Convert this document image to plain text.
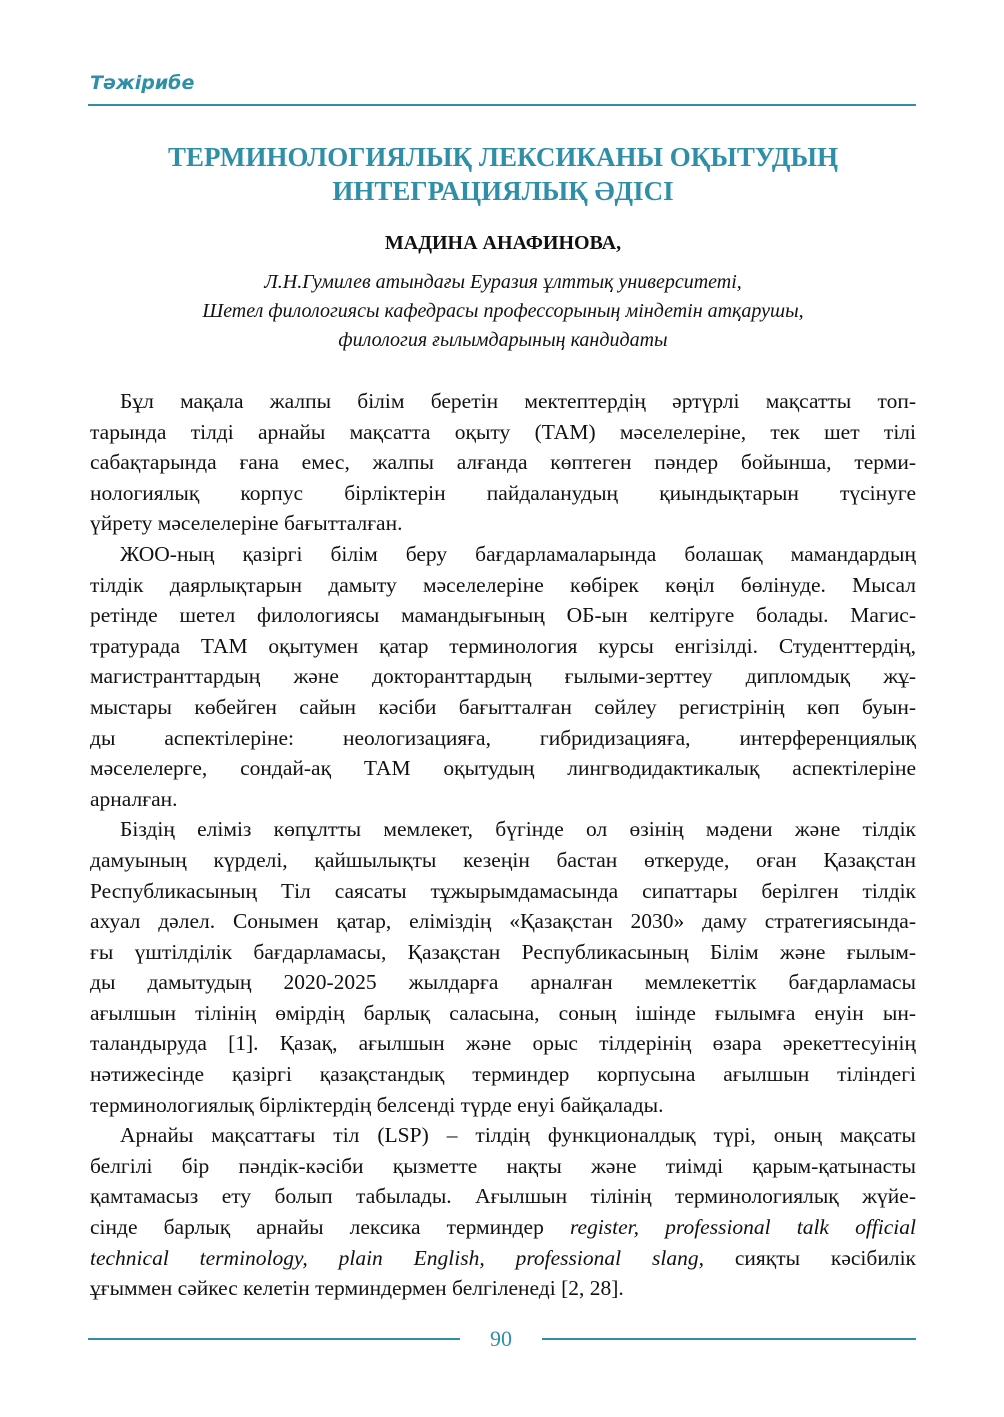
Тәжірибе
ТЕРМИНОЛОГИЯЛЫҚ ЛЕКСИКАНЫ ОҚЫТУДЫҢ
ИНТЕГРАЦИЯЛЫҚ ӘДІСІ
МАДИНА АНАФИНОВА,
Л.Н.Гумилев атындағы Еуразия ұлттық университеті,
Шетел филологиясы кафедрасы профессорының міндетін атқарушы,
филология ғылымдарының кандидаты
Бұл мақала жалпы білім беретін мектептердің әртүрлі мақсатты топ-
тарында тілді арнайы мақсатта оқыту (ТАМ) мәселелеріне, тек шет тілі
сабақтарында ғана емес, жалпы алғанда көптеген пәндер бойынша, терми-
нологиялық корпус бірліктерін пайдаланудың қиындықтарын түсінуге
үйрету мәселелеріне бағытталған.
ЖОО-ның қазіргі білім беру бағдарламаларында болашақ мамандардың
тілдік даярлықтарын дамыту мәселелеріне көбірек көңіл бөлінуде. Мысал
ретінде шетел филологиясы мамандығының ОБ-ын келтіруге болады. Магис-
тратурада ТАМ оқытумен қатар терминология курсы енгізілді. Студенттердің,
магистранттардың және докторанттардың ғылыми-зерттеу дипломдық жұ-
мыстары көбейген сайын кәсіби бағытталған сөйлеу регистрінің көп буын-
ды аспектілеріне: неологизацияға, гибридизацияға, интерференциялық
мәселелерге, сондай-ақ ТАМ оқытудың лингводидактикалық аспектілеріне
арналған.
Біздің еліміз көпұлтты мемлекет, бүгінде ол өзінің мәдени және тілдік
дамуының күрделі, қайшылықты кезеңін бастан өткеруде, оған Қазақстан
Республикасының Тіл саясаты тұжырымдамасында сипаттары берілген тілдік
ахуал дәлел. Сонымен қатар, еліміздің «Қазақстан 2030» даму стратегиясында-
ғы үштілділік бағдарламасы, Қазақстан Республикасының Білім және ғылым-
ды дамытудың 2020-2025 жылдарға арналған мемлекеттік бағдарламасы
ағылшын тілінің өмірдің барлық саласына, соның ішінде ғылымға енуін ын-
таландыруда [1]. Қазақ, ағылшын және орыс тілдерінің өзара әрекеттесуінің
нәтижесінде қазіргі қазақстандық терминдер корпусына ағылшын тіліндегі
терминологиялық бірліктердің белсенді түрде енуі байқалады.
Арнайы мақсаттағы тіл (LSP) – тілдің функционалдық түрі, оның мақсаты
белгілі бір пәндік-кәсіби қызметте нақты және тиімді қарым-қатынасты
қамтамасыз ету болып табылады. Ағылшын тілінің терминологиялық жүйе-
сінде барлық арнайы лексика терминдер register, professional talk official
technical terminology, plain English, professional slang, сияқты кәсібилік
ұғыммен сәйкес келетін терминдермен белгіленеді [2, 28].
90
